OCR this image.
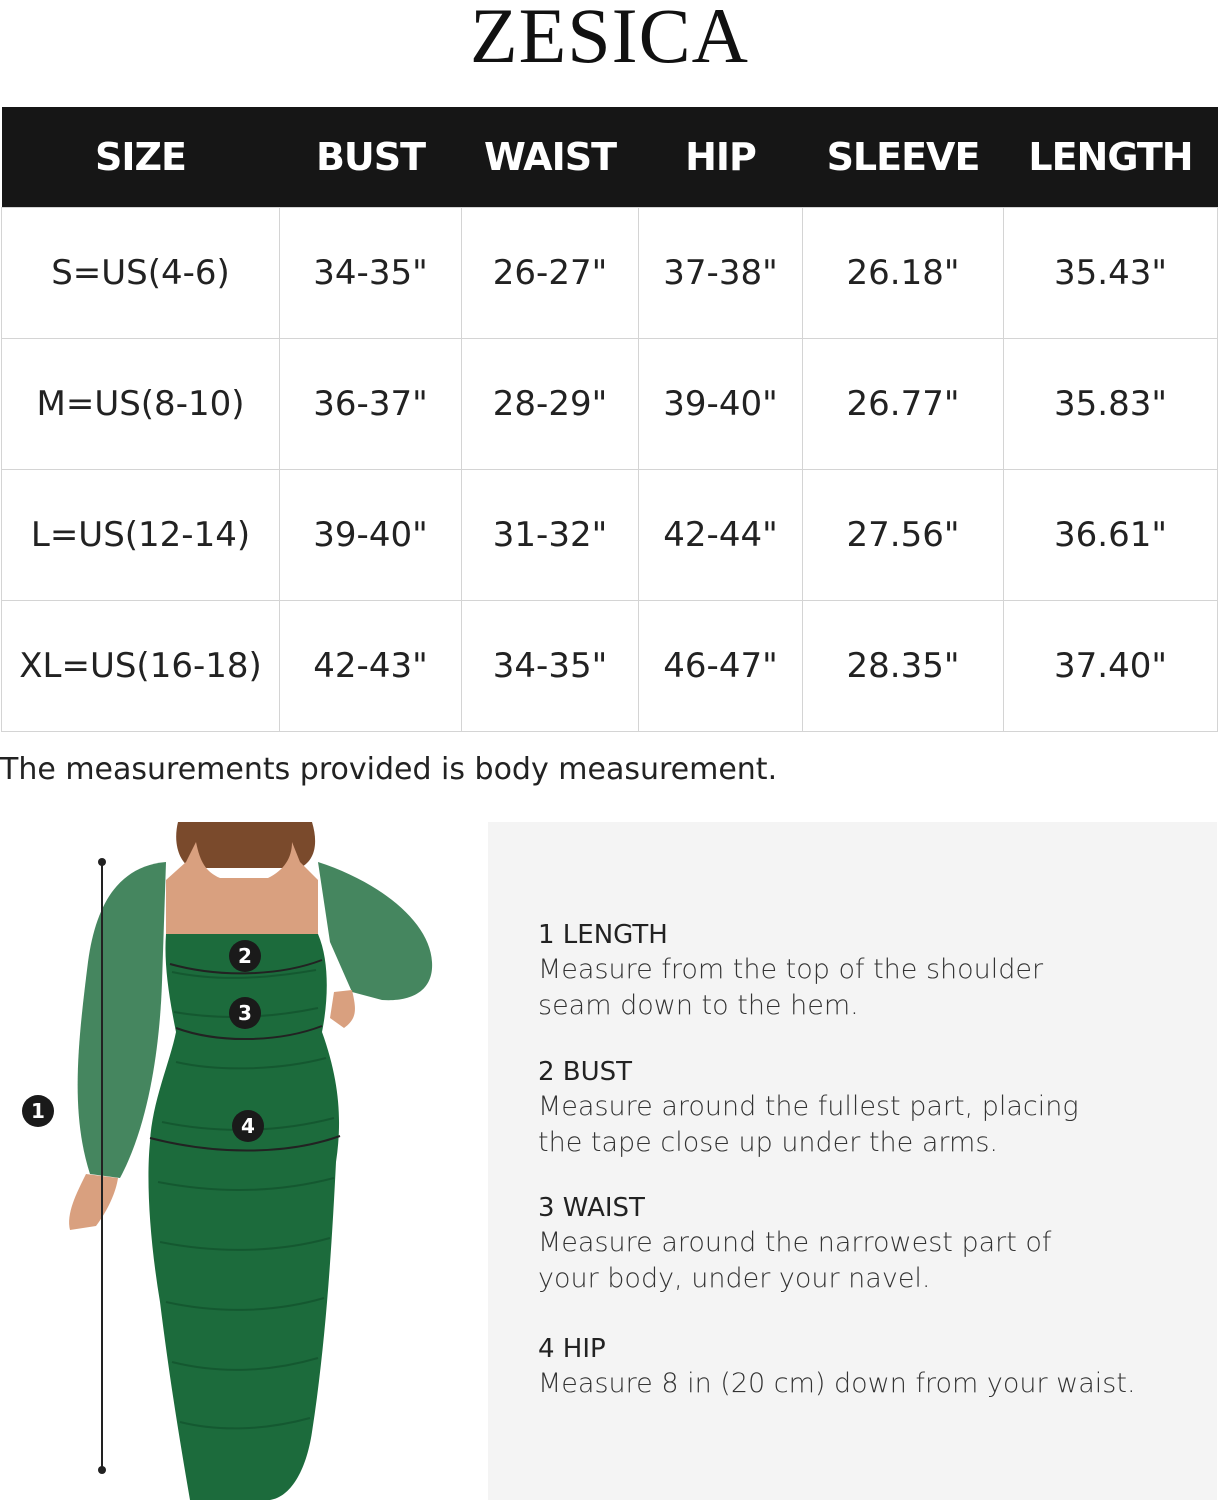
ZESICA
SIZE	BUST	WAIST	HIP	SLEEVE	LENGTH
S=US(4-6)	34-35"	26-27"	37-38"	26.18"	35.43"
M=US(8-10)	36-37"	28-29"	39-40"	26.77"	35.83"
L=US(12-14)	39-40"	31-32"	42-44"	27.56"	36.61"
XL=US(16-18)	42-43"	34-35"	46-47"	28.35"	37.40"
The measurements provided is body measurement.
1
2
3
4
1 LENGTH
Measure from the top of the shoulder
seam down to the hem.
2 BUST
Measure around the fullest part, placing
the tape close up under the arms.
3 WAIST
Measure around the narrowest part of
your body, under your navel.
4 HIP
Measure 8 in (20 cm) down from your waist.
